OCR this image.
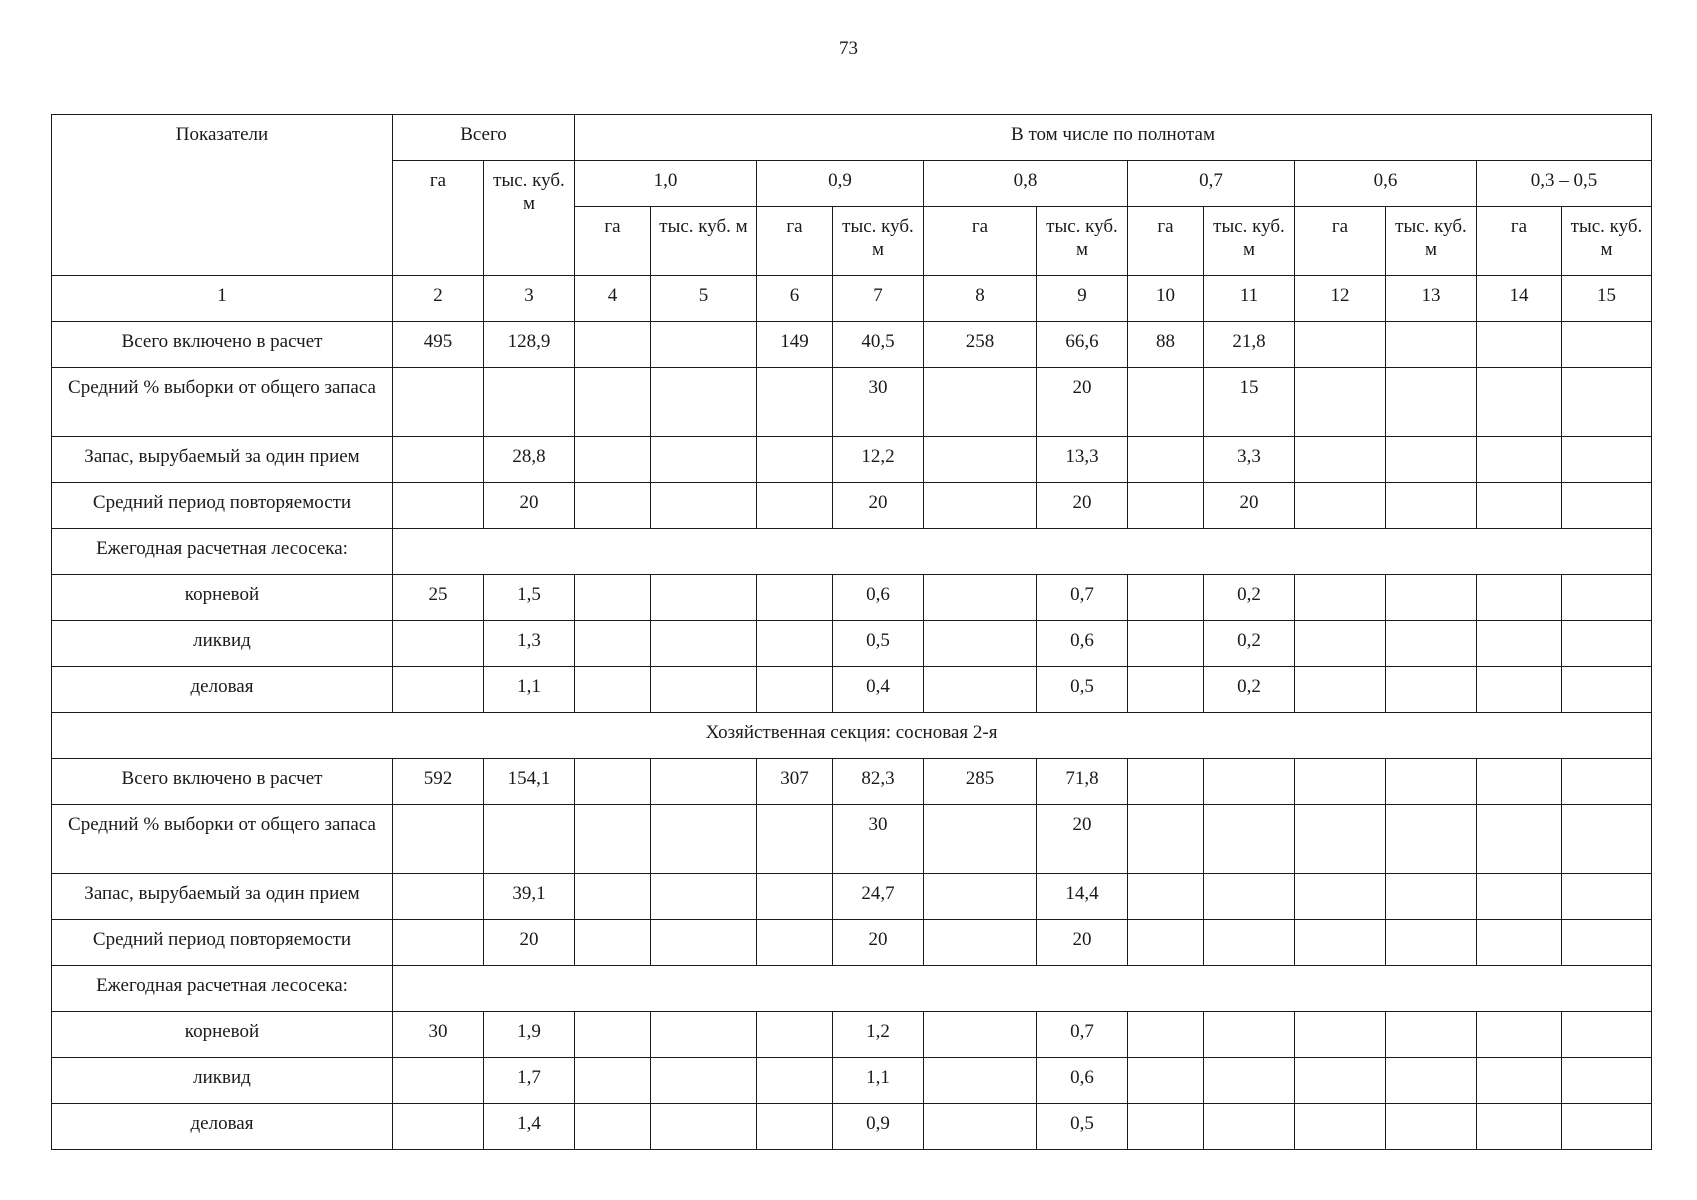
73
Показатели	Всего		В том числе по полнотам											
	га	тыс. куб. м	1,0		0,9		0,8		0,7		0,6		0,3 – 0,5	
			га	тыс. куб. м	га	тыс. куб. м	га	тыс. куб. м	га	тыс. куб. м	га	тыс. куб. м	га	тыс. куб. м
1	2	3	4	5	6	7	8	9	10	11	12	13	14	15
Всего включено в расчет	495	128,9			149	40,5	258	66,6	88	21,8				
Средний % выборки от общего запаса						30		20		15				
Запас, вырубаемый за один прием		28,8				12,2		13,3		3,3				
Средний период повторяемости		20				20		20		20				
Ежегодная расчетная лесосека:														
корневой	25	1,5				0,6		0,7		0,2				
ликвид		1,3				0,5		0,6		0,2				
деловая		1,1				0,4		0,5		0,2				
Хозяйственная секция: сосновая 2-я														
Всего включено в расчет	592	154,1			307	82,3	285	71,8						
Средний % выборки от общего запаса						30		20						
Запас, вырубаемый за один прием		39,1				24,7		14,4						
Средний период повторяемости		20				20		20						
Ежегодная расчетная лесосека:														
корневой	30	1,9				1,2		0,7						
ликвид		1,7				1,1		0,6						
деловая		1,4				0,9		0,5						
